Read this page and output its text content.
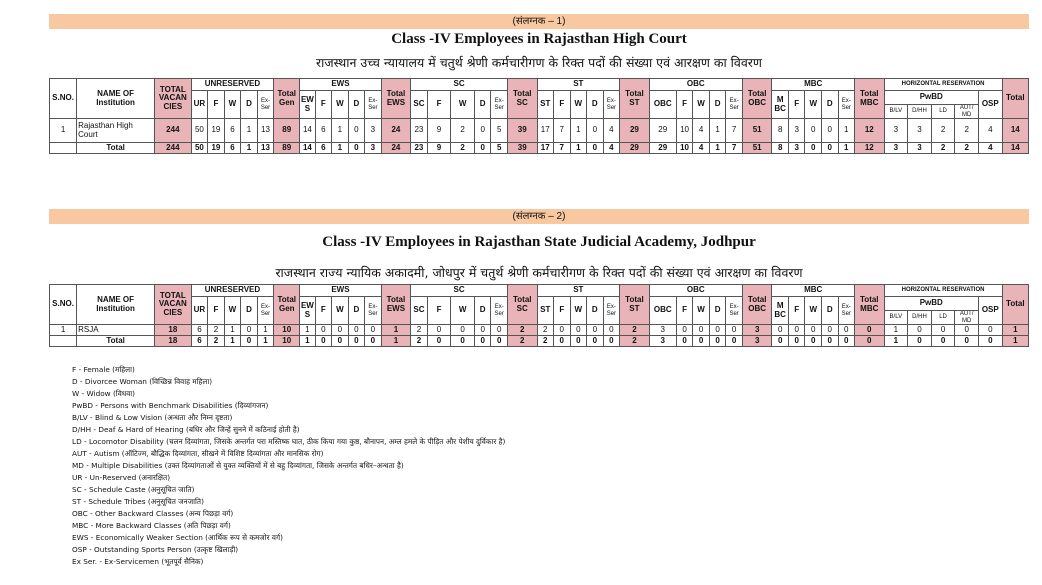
(संलग्नक – 1)
Class -IV Employees in Rajasthan High Court
राजस्थान उच्च न्यायालय में चतुर्थ श्रेणी कर्मचारीगण के रिक्त पदों की संख्या एवं आरक्षण का विवरण
S.NO.	NAME OF Institution	TOTAL VACAN CIES	UNRESERVED					Total Gen	EWS					Total EWS	SC					Total SC	ST					Total ST	OBC					Total OBC	MBC					Total MBC	HORIZONTAL RESERVATION					Total
			UR	F	W	D	Ex- Ser		EW S	F	W	D	Ex- Ser		SC	F	W	D	Ex- Ser		ST	F	W	D	Ex- Ser		OBC	F	W	D	Ex- Ser		M BC	F	W	D	Ex- Ser		PwBD				OSP	
																																							B/LV	D/HH	LD	AUT/ MD		
1	Rajasthan High Court	244	50	19	6	1	13	89	14	6	1	0	3	24	23	9	2	0	5	39	17	7	1	0	4	29	29	10	4	1	7	51	8	3	0	0	1	12	3	3	2	2	4	14
	Total	244	50	19	6	1	13	89	14	6	1	0	3	24	23	9	2	0	5	39	17	7	1	0	4	29	29	10	4	1	7	51	8	3	0	0	1	12	3	3	2	2	4	14
(संलग्नक – 2)
Class -IV Employees in Rajasthan State Judicial Academy, Jodhpur
राजस्थान राज्य न्यायिक अकादमी, जोधपुर में चतुर्थ श्रेणी कर्मचारीगण के रिक्त पदों की संख्या एवं आरक्षण का विवरण
S.NO.	NAME OF Institution	TOTAL VACAN CIES	UNRESERVED					Total Gen	EWS					Total EWS	SC					Total SC	ST					Total ST	OBC					Total OBC	MBC					Total MBC	HORIZONTAL RESERVATION					Total
			UR	F	W	D	Ex- Ser		EW S	F	W	D	Ex- Ser		SC	F	W	D	Ex- Ser		ST	F	W	D	Ex- Ser		OBC	F	W	D	Ex- Ser		M BC	F	W	D	Ex- Ser		PwBD				OSP	
																																							B/LV	D/HH	LD	AUT/ MD		
1	RSJA	18	6	2	1	0	1	10	1	0	0	0	0	1	2	0	0	0	0	2	2	0	0	0	0	2	3	0	0	0	0	3	0	0	0	0	0	0	1	0	0	0	0	1
	Total	18	6	2	1	0	1	10	1	0	0	0	0	1	2	0	0	0	0	2	2	0	0	0	0	2	3	0	0	0	0	3	0	0	0	0	0	0	1	0	0	0	0	1
F - Female (महिला)
D - Divorcee Woman (विच्छिन्न विवाह महिला)
W - Widow (विधवा)
PwBD - Persons with Benchmark Disabilities (दिव्यांगजन)
B/LV - Blind & Low Vision (अन्धता और निम्न दृष्टता)
D/HH - Deaf & Hard of Hearing (बधिर और जिन्हें सुनने में कठिनाई होती है)
LD - Locomotor Disability (चलन दिव्यांगता, जिसके अन्तर्गत परा मस्तिष्क घात, ठीक किया गया कुष्ठ, बौनापन, अम्ल हमले के पीड़ित और पेशीय दुर्विकार है)
AUT - Autism (ऑटिज्म, बौद्धिक दिव्यांगता, सीखने में विशिष्ट दिव्यांगता और मानसिक रोग)
MD - Multiple Disabilities (उक्त दिव्यांगताओं से युक्त व्यक्तियों में से बहु दिव्यांगता, जिसके अन्तर्गत बधिर–अन्धता है)
UR - Un-Reserved (अनारक्षित)
SC - Schedule Caste (अनुसूचित जाति)
ST - Schedule Tribes (अनुसूचित जनजाति)
OBC - Other Backward Classes (अन्य पिछड़ा वर्ग)
MBC - More Backward Classes (अति पिछड़ा वर्ग)
EWS - Economically Weaker Section (आर्थिक रूप से कमजोर वर्ग)
OSP - Outstanding Sports Person (उत्कृष्ट खिलाड़ी)
Ex Ser. - Ex-Servicemen (भूतपूर्व सैनिक)
